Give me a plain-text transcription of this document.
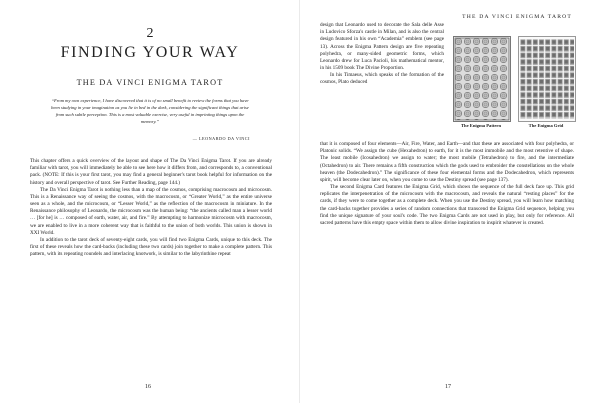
2
FINDING YOUR WAY
THE DA VINCI ENIGMA TAROT
“From my own experience, I have discovered that it is of no small benefit to review the forms that you have been studying in your imagination as you lie in bed in the dark, considering the significant things that arise from such subtle perception. This is a most valuable exercise, very useful in imprinting things upon the memory.”
— LEONARDO DA VINCI

This chapter offers a quick overview of the layout and shape of The Da Vinci Enigma Tarot. If you are already familiar with tarot, you will immediately be able to see here how it differs from, and corresponds to, a conventional pack. (NOTE: If this is your first tarot, you may find a general beginner's tarot book helpful for information on the history and overall perspective of tarot. See Further Reading, page 144.)

The Da Vinci Enigma Tarot is nothing less than a map of the cosmos, comprising macrocosm and microcosm. This is a Renaissance way of seeing the cosmos, with the macrocosm, or “Greater World,” as the entire universe seen as a whole, and the microcosm, or “Lesser World,” as the reflection of the macrocosm in miniature. In the Renaissance philosophy of Leonardo, the microcosm was the human being: “the ancients called man a lesser world … [for he] is … composed of earth, water, air, and fire.” By attempting to harmonize microcosm with macrocosm, we are enabled to live in a more coherent way that is faithful to the union of both worlds. This union is shown in XXI World.

In addition to the tarot deck of seventy-eight cards, you will find two Enigma Cards, unique to this deck. The first of these reveals how the card-backs (including these two cards) join together to make a complete pattern. This pattern, with its repeating roundels and interlacing knotwork, is similar to the labyrinthine repeat

16
THE DA VINCI ENIGMA TAROT

design that Leonardo used to decorate the Sala delle Asse in Ludovico Sforza's castle in Milan, and is also the central design featured in his own “Academia” emblem (see page 13). Across the Enigma Pattern design are five repeating polyhedra, or many-sided geometric forms, which Leonardo drew for Luca Pacioli, his mathematical mentor, in his 1509 book The Divine Proportion.

In his Timaeus, which speaks of the formation of the cosmos, Plato deduced

The Enigma Pattern	The Enigma Grid

that it is composed of four elements—Air, Fire, Water, and Earth—and that these are associated with four polyhedra, or Platonic solids. “We assign the cube (Hexahedron) to earth, for it is the most immobile and the most retentive of shape. The least mobile (Icosahedron) we assign to water; the most mobile (Tetrahedron) to fire, and the intermediate (Octahedron) to air. There remains a fifth construction which the gods used to embroider the constellations on the whole heaven (the Dodecahedron).” The significance of these four elemental forms and the Dodecahedron, which represents spirit, will become clear later on, when you come to use the Destiny spread (see page 137).

The second Enigma Card features the Enigma Grid, which shows the sequence of the full deck face up. This grid replicates the interpenetration of the microcosm with the macrocosm, and reveals the natural “resting places” for the cards, if they were to come together as a complete deck. When you use the Destiny spread, you will learn how matching the card-backs together provides a series of random connections that transcend the Enigma Grid sequence, helping you find the unique signature of your soul's code. The two Enigma Cards are not used in play, but only for reference. All sacred patterns have this empty space within them to allow divine inspiration to inspirit whatever is created.

17
